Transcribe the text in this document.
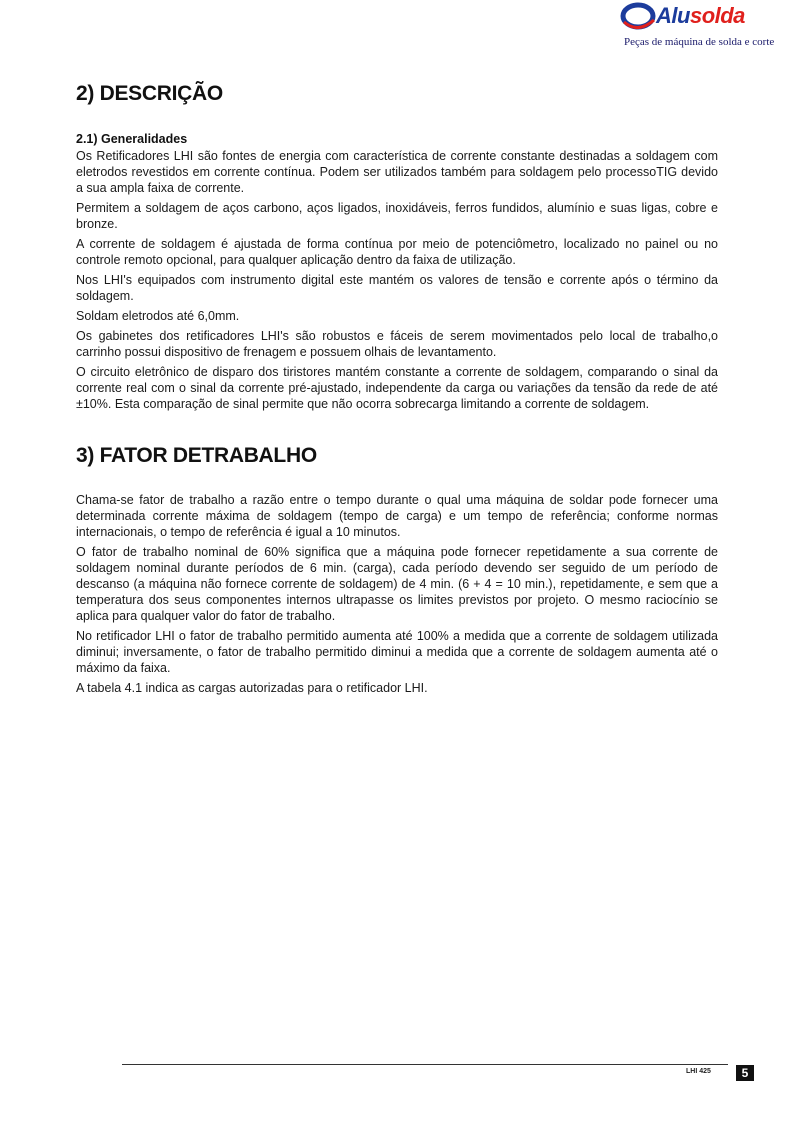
Alusolda
Peças de máquina de solda e corte
2) DESCRIÇÃO
2.1) Generalidades

Os Retificadores LHI são fontes de energia com característica de corrente constante destinadas a soldagem com eletrodos revestidos em corrente contínua. Podem ser utilizados também para soldagem pelo processoTIG devido a sua ampla faixa de corrente.

Permitem a soldagem de aços carbono, aços ligados, inoxidáveis, ferros fundidos, alumínio e suas ligas, cobre e bronze.

A corrente de soldagem é ajustada de forma contínua por meio de potenciômetro, localizado no painel ou no controle remoto opcional, para qualquer aplicação dentro da faixa de utilização.

Nos LHI's equipados com instrumento digital este mantém os valores de tensão e corrente após o término da soldagem.

Soldam eletrodos até 6,0mm.

Os gabinetes dos retificadores LHI's são robustos e fáceis de serem movimentados pelo local de trabalho,o carrinho possui dispositivo de frenagem e possuem olhais de levantamento.

O circuito eletrônico de disparo dos tiristores mantém constante a corrente de soldagem, comparando o sinal da corrente real com o sinal da corrente pré-ajustado, independente da carga ou variações da tensão da rede de até ±10%. Esta comparação de sinal permite que não ocorra sobrecarga limitando a corrente de soldagem.

3) FATOR DETRABALHO

Chama-se fator de trabalho a razão entre o tempo durante o qual uma máquina de soldar pode fornecer uma determinada corrente máxima de soldagem (tempo de carga) e um tempo de referência; conforme normas internacionais, o tempo de referência é igual a 10 minutos.

O fator de trabalho nominal de 60% significa que a máquina pode fornecer repetidamente a sua corrente de soldagem nominal durante períodos de 6 min. (carga), cada período devendo ser seguido de um período de descanso (a máquina não fornece corrente de soldagem) de 4 min. (6 + 4 = 10 min.), repetidamente, e sem que a temperatura dos seus componentes internos ultrapasse os limites previstos por projeto. O mesmo raciocínio se aplica para qualquer valor do fator de trabalho.

No retificador LHI o fator de trabalho permitido aumenta até 100% a medida que a corrente de soldagem utilizada diminui; inversamente, o fator de trabalho permitido diminui a medida que a corrente de soldagem aumenta até o máximo da faixa.

A tabela 4.1 indica as cargas autorizadas para o retificador LHI.

LHI 425	5
